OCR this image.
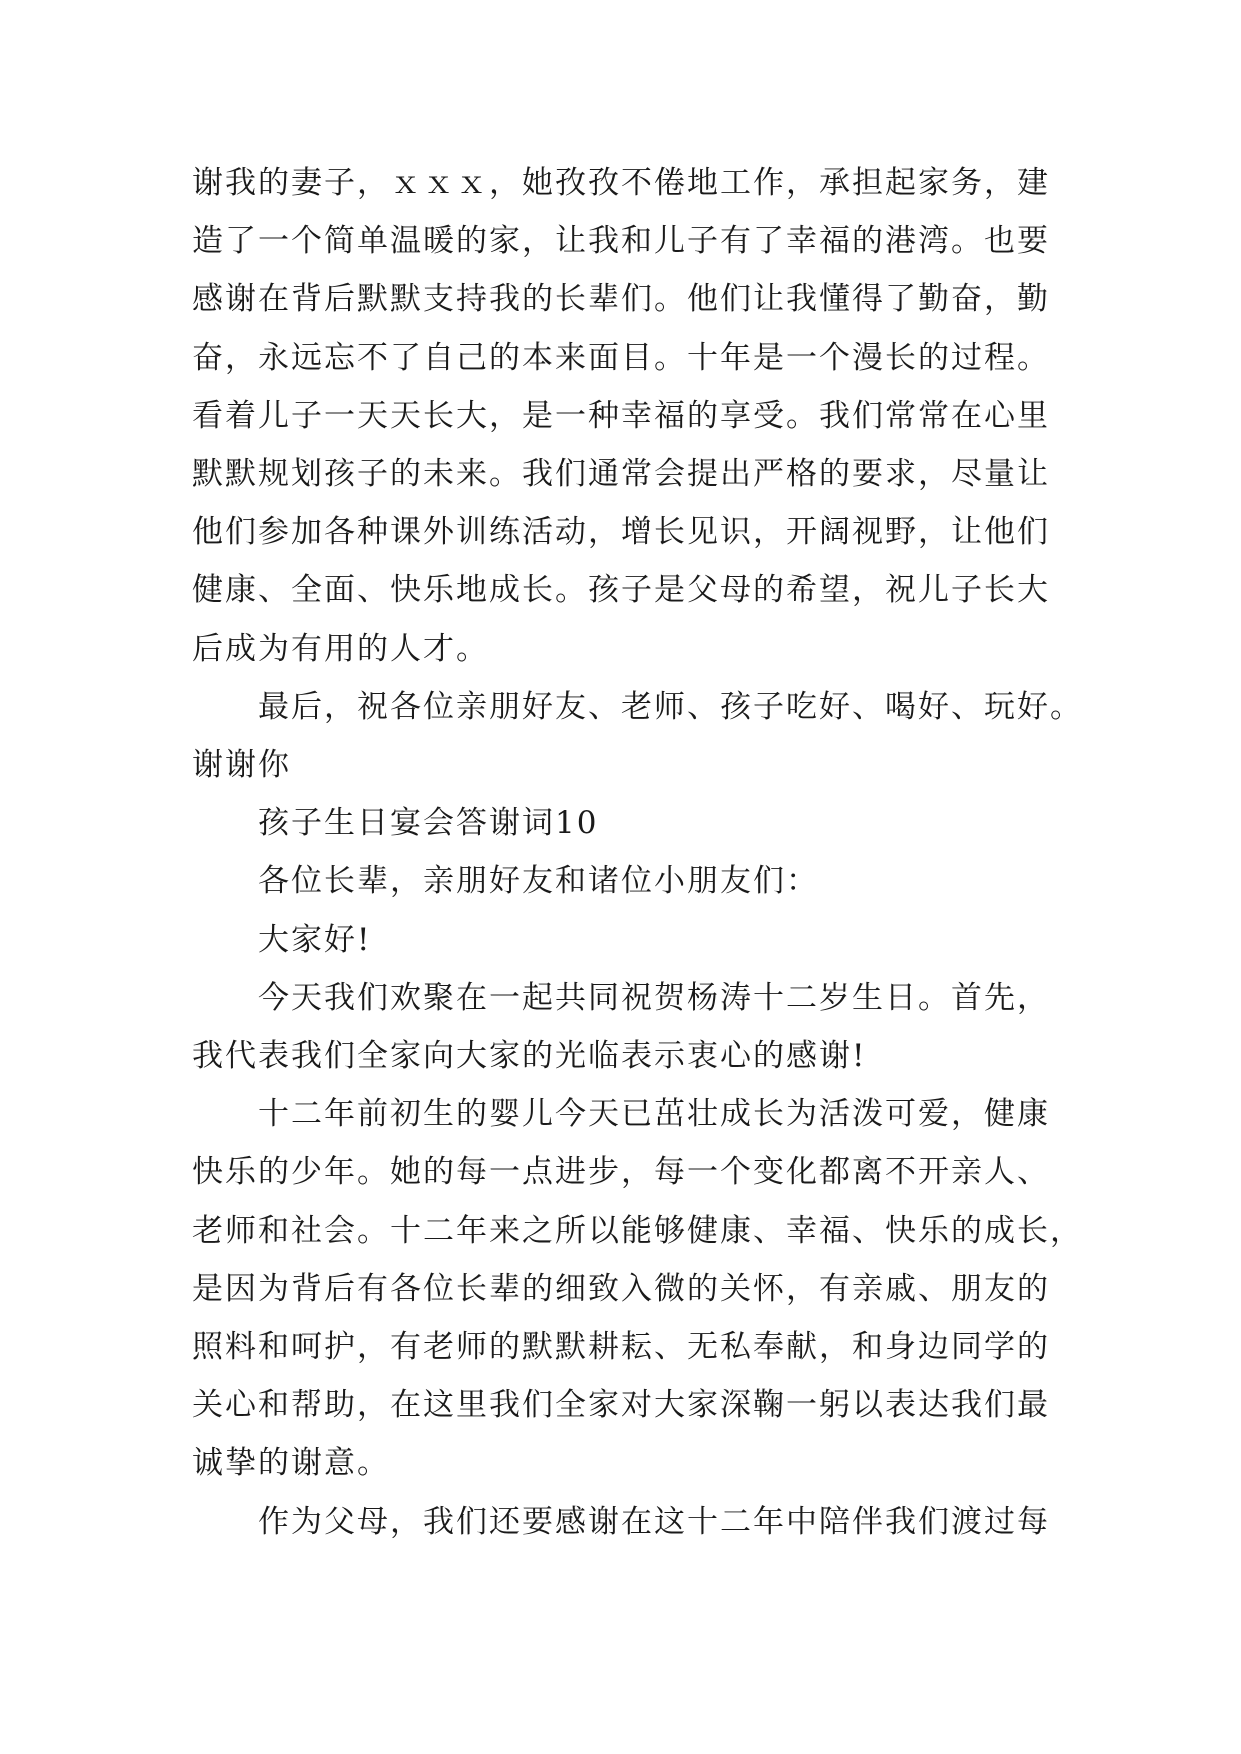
谢我的妻子，ｘｘｘ，她孜孜不倦地工作，承担起家务，建
造了一个简单温暖的家，让我和儿子有了幸福的港湾。也要
感谢在背后默默支持我的长辈们。他们让我懂得了勤奋，勤
奋，永远忘不了自己的本来面目。十年是一个漫长的过程。
看着儿子一天天长大，是一种幸福的享受。我们常常在心里
默默规划孩子的未来。我们通常会提出严格的要求，尽量让
他们参加各种课外训练活动，增长见识，开阔视野，让他们
健康、全面、快乐地成长。孩子是父母的希望，祝儿子长大
后成为有用的人才。

最后，祝各位亲朋好友、老师、孩子吃好、喝好、玩好。
谢谢你

孩子生日宴会答谢词10

各位长辈，亲朋好友和诸位小朋友们：

大家好!

今天我们欢聚在一起共同祝贺杨涛十二岁生日。首先，
我代表我们全家向大家的光临表示衷心的感谢!

十二年前初生的婴儿今天已茁壮成长为活泼可爱，健康
快乐的少年。她的每一点进步，每一个变化都离不开亲人、
老师和社会。十二年来之所以能够健康、幸福、快乐的成长，
是因为背后有各位长辈的细致入微的关怀，有亲戚、朋友的
照料和呵护，有老师的默默耕耘、无私奉献，和身边同学的
关心和帮助，在这里我们全家对大家深鞠一躬以表达我们最
诚挚的谢意。

作为父母，我们还要感谢在这十二年中陪伴我们渡过每
